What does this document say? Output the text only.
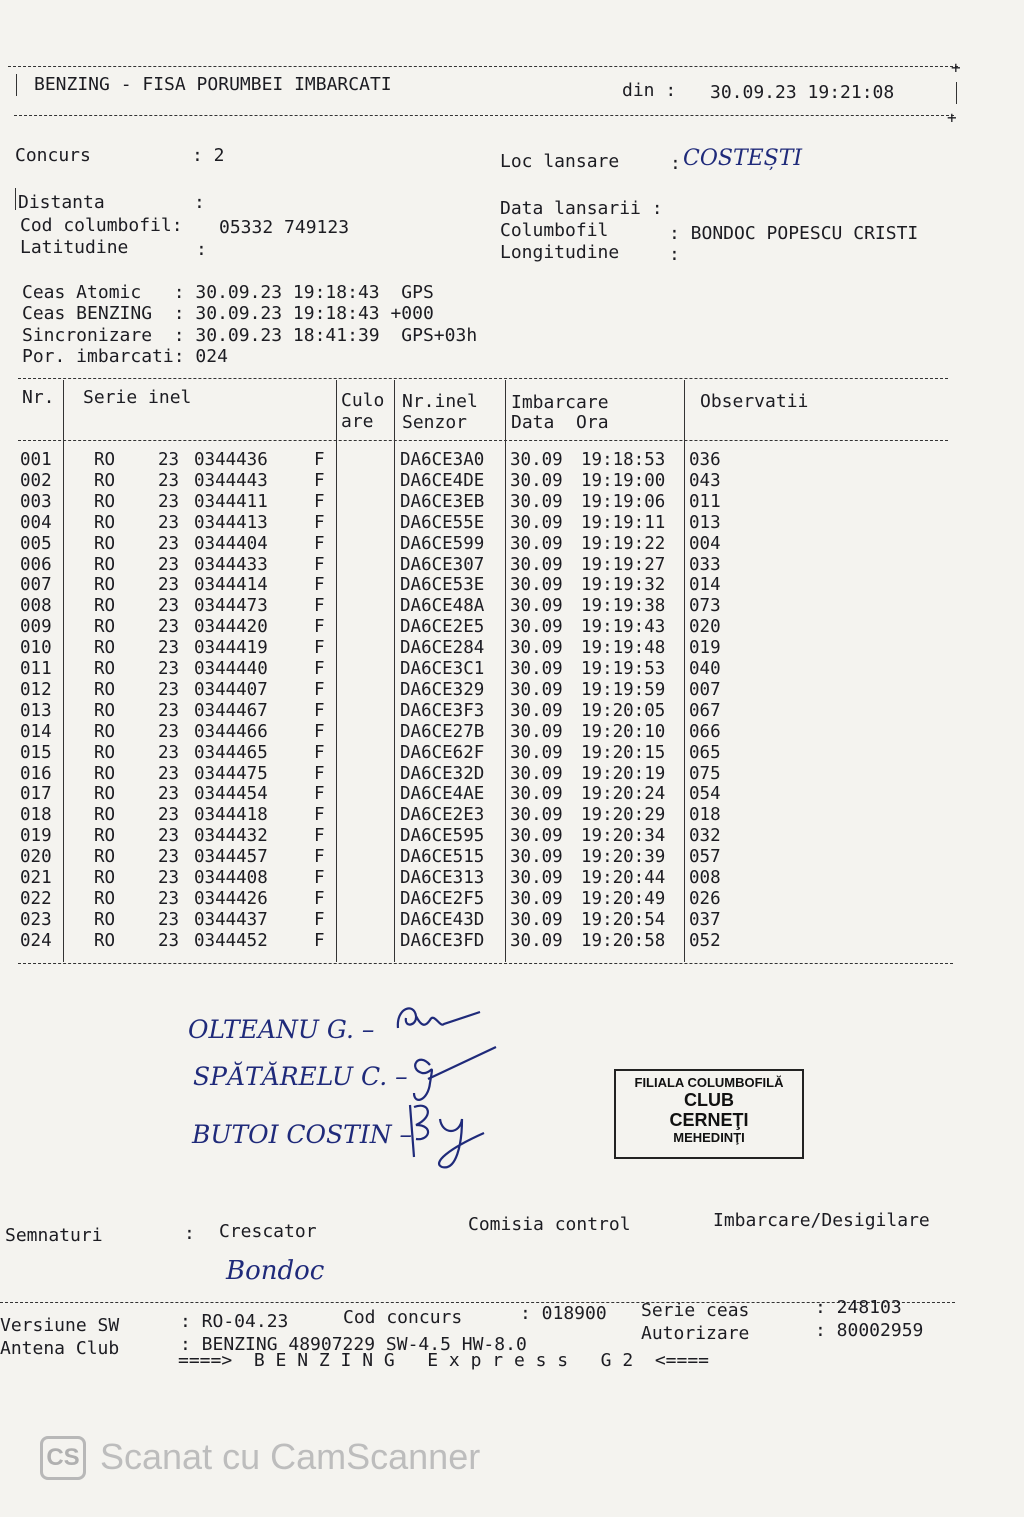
+
BENZING - FISA PORUMBEI IMBARCATI	din : 30.09.23 19:21:08
+
Concurs	: 2	Loc lansare	: COSTEȘTI
Distanta	:
Cod columbofil: 05332 749123
Latitudine	:
Data lansarii :
Columbofil	: BONDOC POPESCU CRISTI
Longitudine	:
Ceas Atomic   : 30.09.23 19:18:43  GPS
Ceas BENZING  : 30.09.23 19:18:43 +000
Sincronizare  : 30.09.23 18:41:39  GPS+03h
Por. imbarcati: 024
Nr. Serie inel	Culo
are
Nr.inel
Senzor
Imbarcare
Data  Ora
Observatii
001 RO 23 0344436	F	DA6CE3A0 30.09 19:18:53 036
002 RO 23 0344443	F	DA6CE4DE 30.09 19:19:00 043
003 RO 23 0344411	F	DA6CE3EB 30.09 19:19:06 011
004 RO 23 0344413	F	DA6CE55E 30.09 19:19:11 013
005 RO 23 0344404	F	DA6CE599 30.09 19:19:22 004
006 RO 23 0344433	F	DA6CE307 30.09 19:19:27 033
007 RO 23 0344414	F	DA6CE53E 30.09 19:19:32 014
008 RO 23 0344473	F	DA6CE48A 30.09 19:19:38 073
009 RO 23 0344420	F	DA6CE2E5 30.09 19:19:43 020
010 RO 23 0344419	F	DA6CE284 30.09 19:19:48 019
011 RO 23 0344440	F	DA6CE3C1 30.09 19:19:53 040
012 RO 23 0344407	F	DA6CE329 30.09 19:19:59 007
013 RO 23 0344467	F	DA6CE3F3 30.09 19:20:05 067
014 RO 23 0344466	F	DA6CE27B 30.09 19:20:10 066
015 RO 23 0344465	F	DA6CE62F 30.09 19:20:15 065
016 RO 23 0344475	F	DA6CE32D 30.09 19:20:19 075
017 RO 23 0344454	F	DA6CE4AE 30.09 19:20:24 054
018 RO 23 0344418	F	DA6CE2E3 30.09 19:20:29 018
019 RO 23 0344432	F	DA6CE595 30.09 19:20:34 032
020 RO 23 0344457	F	DA6CE515 30.09 19:20:39 057
021 RO 23 0344408	F	DA6CE313 30.09 19:20:44 008
022 RO 23 0344426	F	DA6CE2F5 30.09 19:20:49 026
023 RO 23 0344437	F	DA6CE43D 30.09 19:20:54 037
024 RO 23 0344452	F	DA6CE3FD 30.09 19:20:58 052
OLTEANU G. –
SPĂTĂRELU C. –
BUTOI COSTIN –
FILIALA COLUMBOFILĂ
CLUB
CERNEŢI
MEHEDINŢI
Semnaturi	: Crescator	Comisia control	Imbarcare/Desigilare
Bondoc
Versiune SW	: RO-04.23	Cod concurs	: 018900 Serie ceas	: 248103
Antena Club	: BENZING 48907229 SW-4.5 HW-8.0
Autorizare	: 80002959
====>  B E N Z I N G   E x p r e s s   G 2  <====
CS Scanat cu CamScanner
